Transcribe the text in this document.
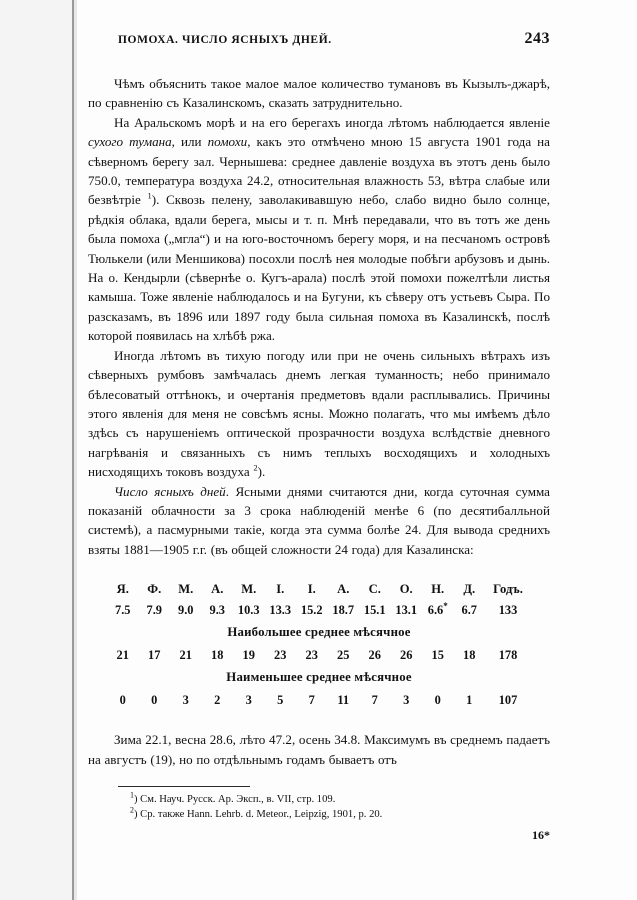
ПОМОХА. ЧИСЛО ЯСНЫХЪ ДНЕЙ.	243

Чѣмъ объяснить такое малое малое количество тумановъ въ Кызылъ-джарѣ, по сравненію съ Казалинскомъ, сказать затруднительно.

На Аральскомъ морѣ и на его берегахъ иногда лѣтомъ наблюдается явленіе сухого тумана, или помохи, какъ это отмѣчено мною 15 августа 1901 года на сѣверномъ берегу зал. Чернышева: среднее давленіе воздуха въ этотъ день было 750.0, температура воздуха 24.2, относительная влажность 53, вѣтра слабые или безвѣтріе $^1$). Сквозь пелену, заволакивавшую небо, слабо видно было солнце, рѣдкія облака, вдали берега, мысы и т. п. Мнѣ передавали, что въ тотъ же день была помоха („мгла“) и на юго-восточномъ берегу моря, и на песчаномъ островѣ Тюлькели (или Меншикова) посохли послѣ нея молодые побѣги арбузовъ и дынь. На о. Кендырли (сѣвернѣе о. Кугъ-арала) послѣ этой помохи пожелтѣли листья камыша. Тоже явленіе наблюдалось и на Бугуни, къ сѣверу отъ устьевъ Сыра. По разсказамъ, въ 1896 или 1897 году была сильная помоха въ Казалинскѣ, послѣ которой появилась на хлѣбѣ ржа.

Иногда лѣтомъ въ тихую погоду или при не очень сильныхъ вѣтрахъ изъ сѣверныхъ румбовъ замѣчалась днемъ легкая туманность; небо принимало бѣлесоватый оттѣнокъ, и очертанія предметовъ вдали расплывались. Причины этого явленія для меня не совсѣмъ ясны. Можно полагать, что мы имѣемъ дѣло здѣсь съ нарушеніемъ оптической прозрачности воздуха вслѣдствіе дневного нагрѣванія и связанныхъ съ нимъ теплыхъ восходящихъ и холодныхъ нисходящихъ токовъ воздуха $^2$).

Число ясныхъ дней. Ясными днями считаются дни, когда суточная сумма показаній облачности за 3 срока наблюденій менѣе 6 (по десятибалльной системѣ), а пасмурными такіе, когда эта сумма болѣе 24. Для вывода среднихъ взяты 1881—1905 г.г. (въ общей сложности 24 года) для Казалинска:

Я.	Ф.	М.	А.	М.	I.	I.	А.	С.	О.	Н.	Д.	Годъ.
7.5	7.9	9.0	9.3	10.3	13.3	15.2	18.7	15.1	13.1	6.6*	6.7	133
Наибольшее среднее мѣсячное
21	17	21	18	19	23	23	25	26	26	15	18	178
Наименьшее среднее мѣсячное
0	0	3	2	3	5	7	11	7	3	0	1	107

Зима 22.1, весна 28.6, лѣто 47.2, осень 34.8. Максимумъ въ среднемъ падаетъ на августъ (19), но по отдѣльнымъ годамъ бываетъ отъ

$^1$) См. Науч. Русск. Ар. Эксп., в. VII, стр. 109.
$^2$) Ср. также Hann. Lehrb. d. Meteor., Leipzig, 1901, p. 20.
16*
